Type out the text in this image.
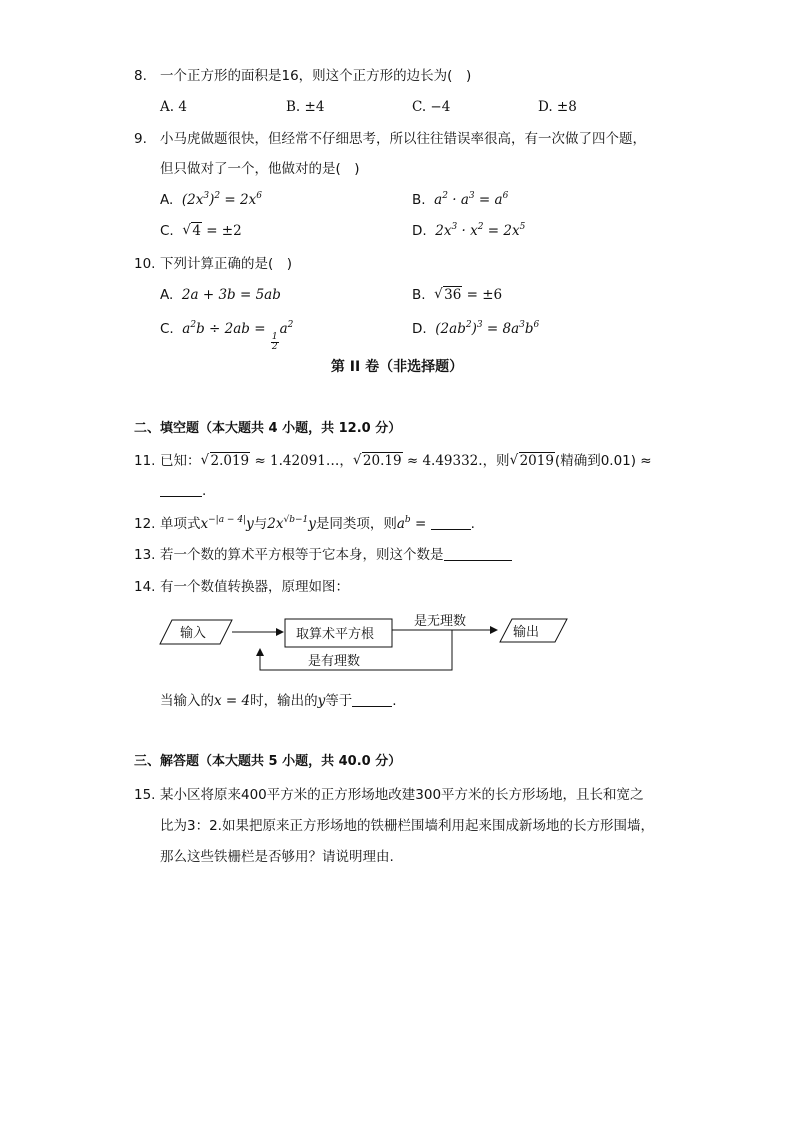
8. 一个正方形的面积是16，则这个正方形的边长为(　)
A. 4	B. ±4	C. −4	D. ±8
9. 小马虎做题很快，但经常不仔细思考，所以往往错误率很高，有一次做了四个题，
但只做对了一个，他做对的是(　)
A.  $(2x^3)^2 = 2x^6$	B.  $a^2 \cdot a^3 = a^6$
C. √ 4 = ±2	D. $2x^3 \cdot x^2 = 2x^5$
10. 下列计算正确的是(　)
A. 2a + 3b = 5ab	B. √ 36 = ±6
C.  $a^2b \div 2ab$ =
$\frac{1}{2}$
$a^2$	D. $(2ab^2)^3 = 8a^3b^6$
第 II 卷（非选择题）
二、填空题（本大题共 4 小题，共 12.0 分）
11. 已知： √ 2.019 ≈ 1.42091…， √ 20.19 ≈ 4.49332.，则 √ 2019(精确到0.01) ≈
.
12. 单项式$x^{-|a - 4|}y$与$2x^{√b-1}y$是同类项，则$a^b$ =	.
13. 若一个数的算术平方根等于它本身，则这个数是
14. 有一个数值转换器，原理如图：
输入	取算术平方根
是无理数
输出
是有理数
当输入的x = 4时，输出的y等于	.
三、解答题（本大题共 5 小题，共 40.0 分）
15. 某小区将原来400平方米的正方形场地改建300平方米的长方形场地，且长和宽之
比为3：2.如果把原来正方形场地的铁栅栏围墙利用起来围成新场地的长方形围墙，
那么这些铁栅栏是否够用？请说明理由.
